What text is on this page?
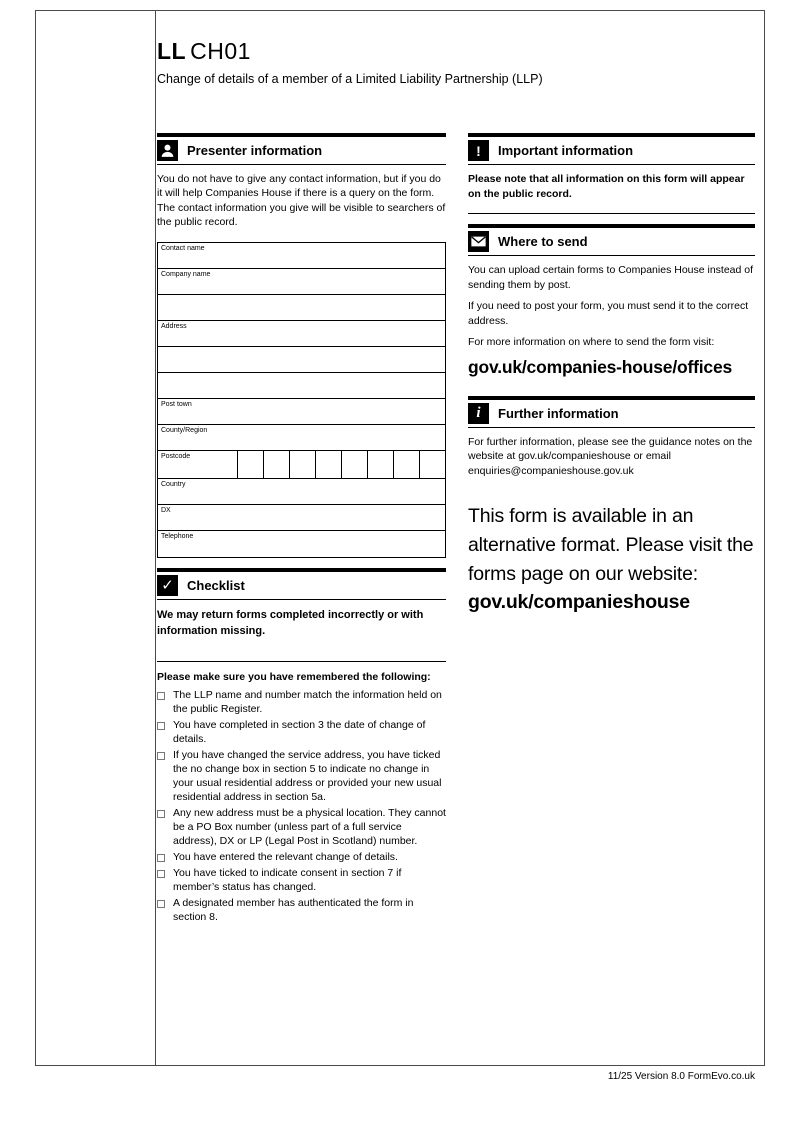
LL CH01
Change of details of a member of a Limited Liability Partnership (LLP)
Presenter information

You do not have to give any contact information, but if you do it will help Companies House if there is a query on the form. The contact information you give will be visible to searchers of the public record.

Contact name
Company name
Address
Post town
County/Region
Postcode
Country
DX
Telephone
✓	Checklist

We may return forms completed incorrectly or with information missing.

Please make sure you have remembered the following:

The LLP name and number match the information held on the public Register.
You have completed in section 3 the date of change of details.
If you have changed the service address, you have ticked the no change box in section 5 to indicate no change in your usual residential address or provided your new usual residential address in section 5a.
Any new address must be a physical location. They cannot be a PO Box number (unless part of a full service address), DX or LP (Legal Post in Scotland) number.
You have entered the relevant change of details.
You have ticked to indicate consent in section 7 if member’s status has changed.
A designated member has authenticated the form in section 8.
!	Important information

Please note that all information on this form will appear on the public record.

Where to send

You can upload certain forms to Companies House instead of sending them by post.

If you need to post your form, you must send it to the correct address.

For more information on where to send the form visit:

gov.uk/companies-house/offices
i	Further information

For further information, please see the guidance notes on the website at gov.uk/companieshouse or email enquiries@companieshouse.gov.uk

This form is available in an alternative format. Please visit the forms page on our website:
gov.uk/companieshouse
11/25 Version 8.0 FormEvo.co.uk
